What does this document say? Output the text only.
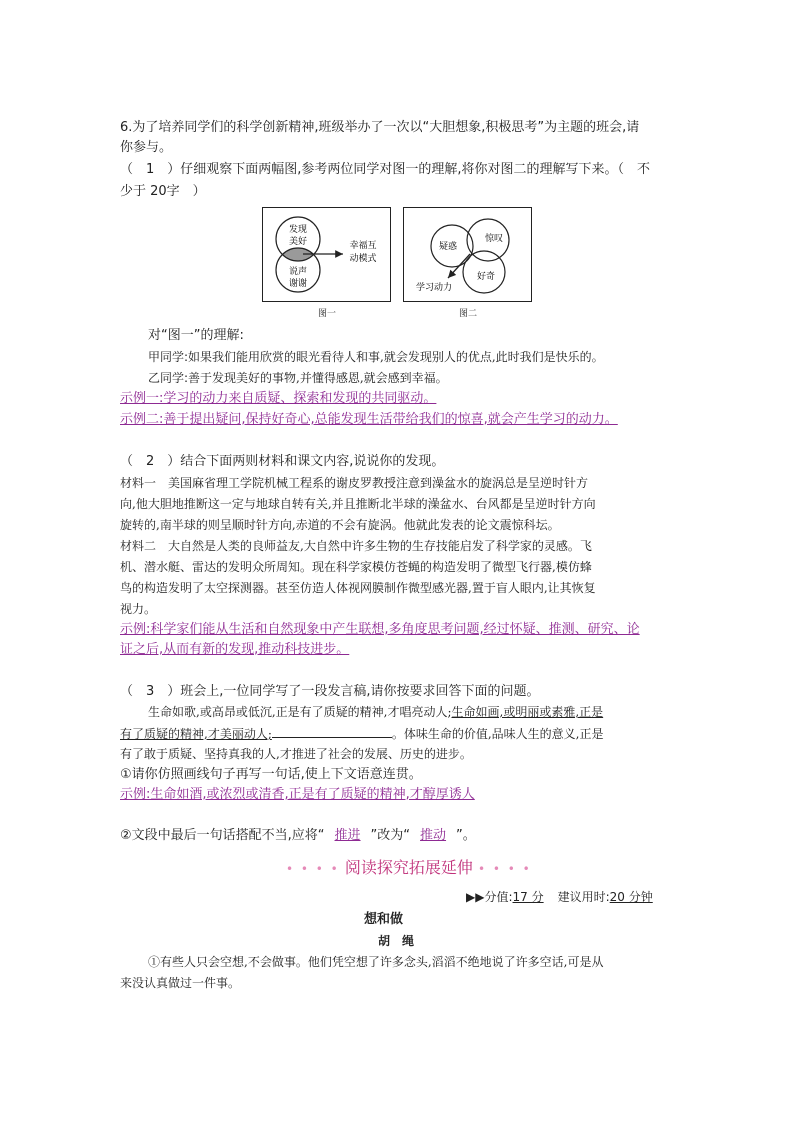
6.为了培养同学们的科学创新精神,班级举办了一次以“大胆想象,积极思考”为主题的班会,请
你参与。
（　1　）仔细观察下面两幅图,参考两位同学对图一的理解,将你对图二的理解写下来。（　不
少于 20字　）
发现
美好
说声
谢谢
幸福互
动模式
图一
疑惑
惊叹
好奇
学习动力
图二
对“图一”的理解:
甲同学:如果我们能用欣赏的眼光看待人和事,就会发现别人的优点,此时我们是快乐的。
乙同学:善于发现美好的事物,并懂得感恩,就会感到幸福。
示例一:学习的动力来自质疑、探索和发现的共同驱动。
示例二:善于提出疑问,保持好奇心,总能发现生活带给我们的惊喜,就会产生学习的动力。
（　2　）结合下面两则材料和课文内容,说说你的发现。
材料一　美国麻省理工学院机械工程系的谢皮罗教授注意到澡盆水的旋涡总是呈逆时针方
向,他大胆地推断这一定与地球自转有关,并且推断北半球的澡盆水、台风都是呈逆时针方向
旋转的,南半球的则呈顺时针方向,赤道的不会有旋涡。他就此发表的论文震惊科坛。
材料二　大自然是人类的良师益友,大自然中许多生物的生存技能启发了科学家的灵感。飞
机、潜水艇、雷达的发明众所周知。现在科学家模仿苍蝇的构造发明了微型飞行器,模仿蜂
鸟的构造发明了太空探测器。甚至仿造人体视网膜制作微型感光器,置于盲人眼内,让其恢复
视力。
示例:科学家们能从生活和自然现象中产生联想,多角度思考问题,经过怀疑、推测、研究、论
证之后,从而有新的发现,推动科技进步。
（　3　）班会上,一位同学写了一段发言稿,请你按要求回答下面的问题。
生命如歌,或高昂或低沉,正是有了质疑的精神,才唱亮动人;生命如画,或明丽或素雅,正是
有了质疑的精神,才美丽动人;	。体味生命的价值,品味人生的意义,正是
有了敢于质疑、坚持真我的人,才推进了社会的发展、历史的进步。
①请你仿照画线句子再写一句话,使上下文语意连贯。
示例:生命如酒,或浓烈或清香,正是有了质疑的精神,才醇厚诱人
②文段中最后一句话搭配不当,应将“ 推进 ”改为“ 推动 ”。
• • • • 阅读探究拓展延伸 • • • •
▶▶分值:17 分 建议用时:20 分钟
想和做
胡　绳
①有些人只会空想,不会做事。他们凭空想了许多念头,滔滔不绝地说了许多空话,可是从
来没认真做过一件事。
